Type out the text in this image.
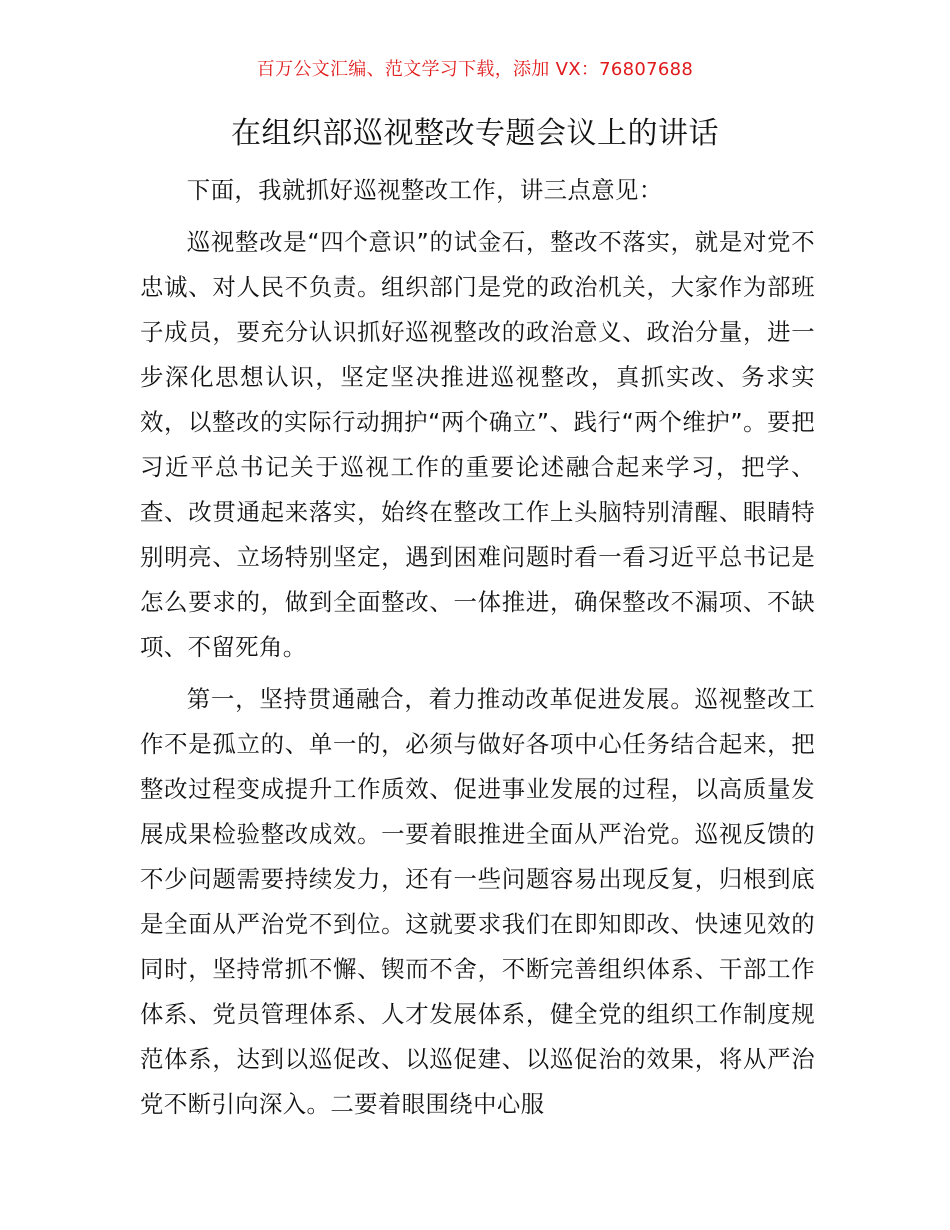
百万公文汇编、范文学习下载，添加 VX：76807688
在组织部巡视整改专题会议上的讲话

下面，我就抓好巡视整改工作，讲三点意见：

巡视整改是“四个意识”的试金石，整改不落实，就是对党不忠诚、对人民不负责。组织部门是党的政治机关，大家作为部班子成员，要充分认识抓好巡视整改的政治意义、政治分量，进一步深化思想认识，坚定坚决推进巡视整改，真抓实改、务求实效，以整改的实际行动拥护“两个确立”、践行“两个维护”。要把习近平总书记关于巡视工作的重要论述融合起来学习，把学、查、改贯通起来落实，始终在整改工作上头脑特别清醒、眼睛特别明亮、立场特别坚定，遇到困难问题时看一看习近平总书记是怎么要求的，做到全面整改、一体推进，确保整改不漏项、不缺项、不留死角。

第一，坚持贯通融合，着力推动改革促进发展。巡视整改工作不是孤立的、单一的，必须与做好各项中心任务结合起来，把整改过程变成提升工作质效、促进事业发展的过程，以高质量发展成果检验整改成效。一要着眼推进全面从严治党。巡视反馈的不少问题需要持续发力，还有一些问题容易出现反复，归根到底是全面从严治党不到位。这就要求我们在即知即改、快速见效的同时，坚持常抓不懈、锲而不舍，不断完善组织体系、干部工作体系、党员管理体系、人才发展体系，健全党的组织工作制度规范体系，达到以巡促改、以巡促建、以巡促治的效果，将从严治党不断引向深入。二要着眼围绕中心服
